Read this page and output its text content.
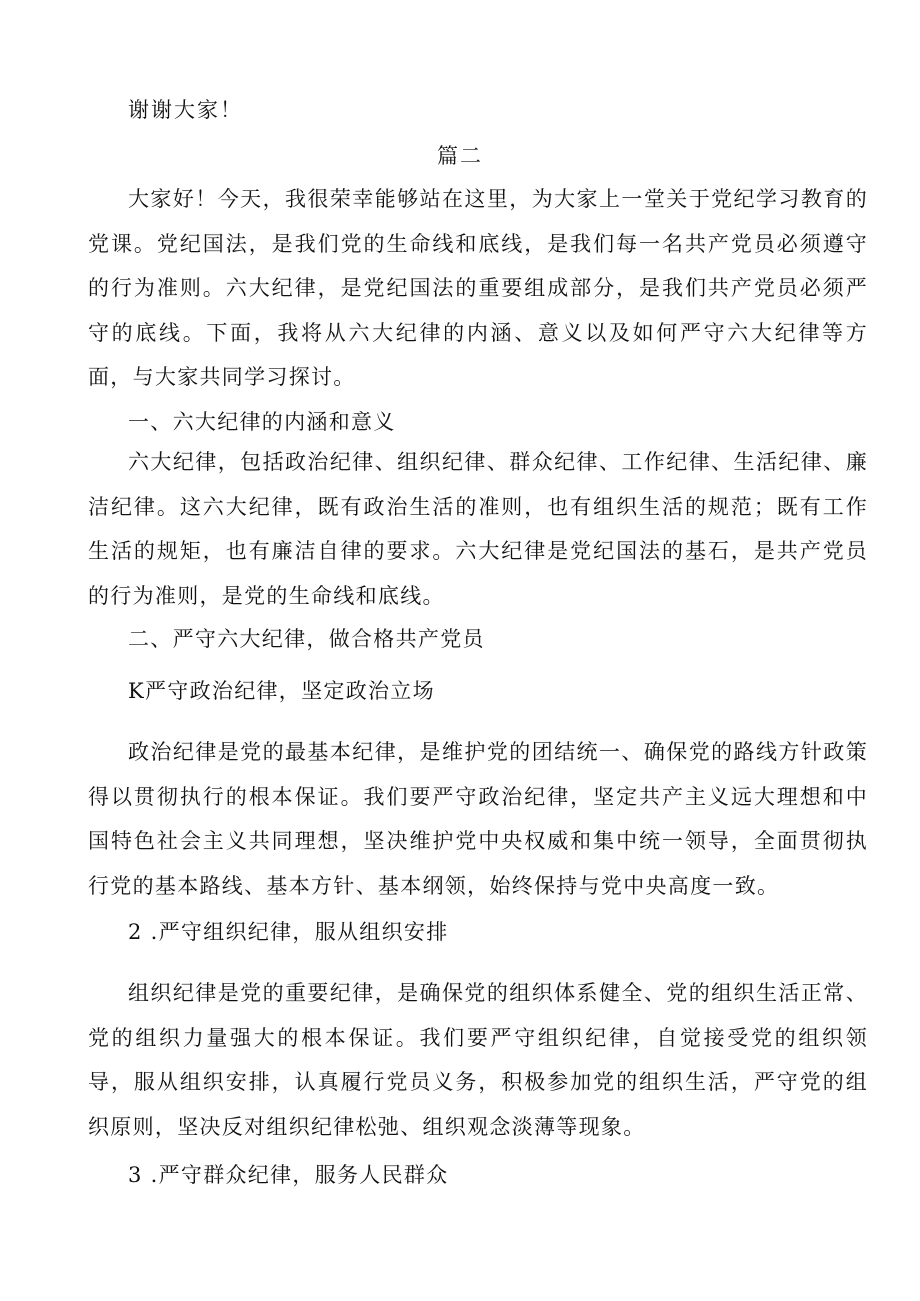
谢谢大家！
篇二
大家好！今天，我很荣幸能够站在这里，为大家上一堂关于党纪学习教育的党课。党纪国法，是我们党的生命线和底线，是我们每一名共产党员必须遵守的行为准则。六大纪律，是党纪国法的重要组成部分，是我们共产党员必须严守的底线。下面，我将从六大纪律的内涵、意义以及如何严守六大纪律等方面，与大家共同学习探讨。
一、六大纪律的内涵和意义
六大纪律，包括政治纪律、组织纪律、群众纪律、工作纪律、生活纪律、廉洁纪律。这六大纪律，既有政治生活的准则，也有组织生活的规范；既有工作生活的规矩，也有廉洁自律的要求。六大纪律是党纪国法的基石，是共产党员的行为准则，是党的生命线和底线。
二、严守六大纪律，做合格共产党员
K严守政治纪律，坚定政治立场
政治纪律是党的最基本纪律，是维护党的团结统一、确保党的路线方针政策得以贯彻执行的根本保证。我们要严守政治纪律，坚定共产主义远大理想和中国特色社会主义共同理想，坚决维护党中央权威和集中统一领导，全面贯彻执行党的基本路线、基本方针、基本纲领，始终保持与党中央高度一致。
2 .严守组织纪律，服从组织安排
组织纪律是党的重要纪律，是确保党的组织体系健全、党的组织生活正常、党的组织力量强大的根本保证。我们要严守组织纪律，自觉接受党的组织领导，服从组织安排，认真履行党员义务，积极参加党的组织生活，严守党的组织原则，坚决反对组织纪律松弛、组织观念淡薄等现象。
3 .严守群众纪律，服务人民群众
